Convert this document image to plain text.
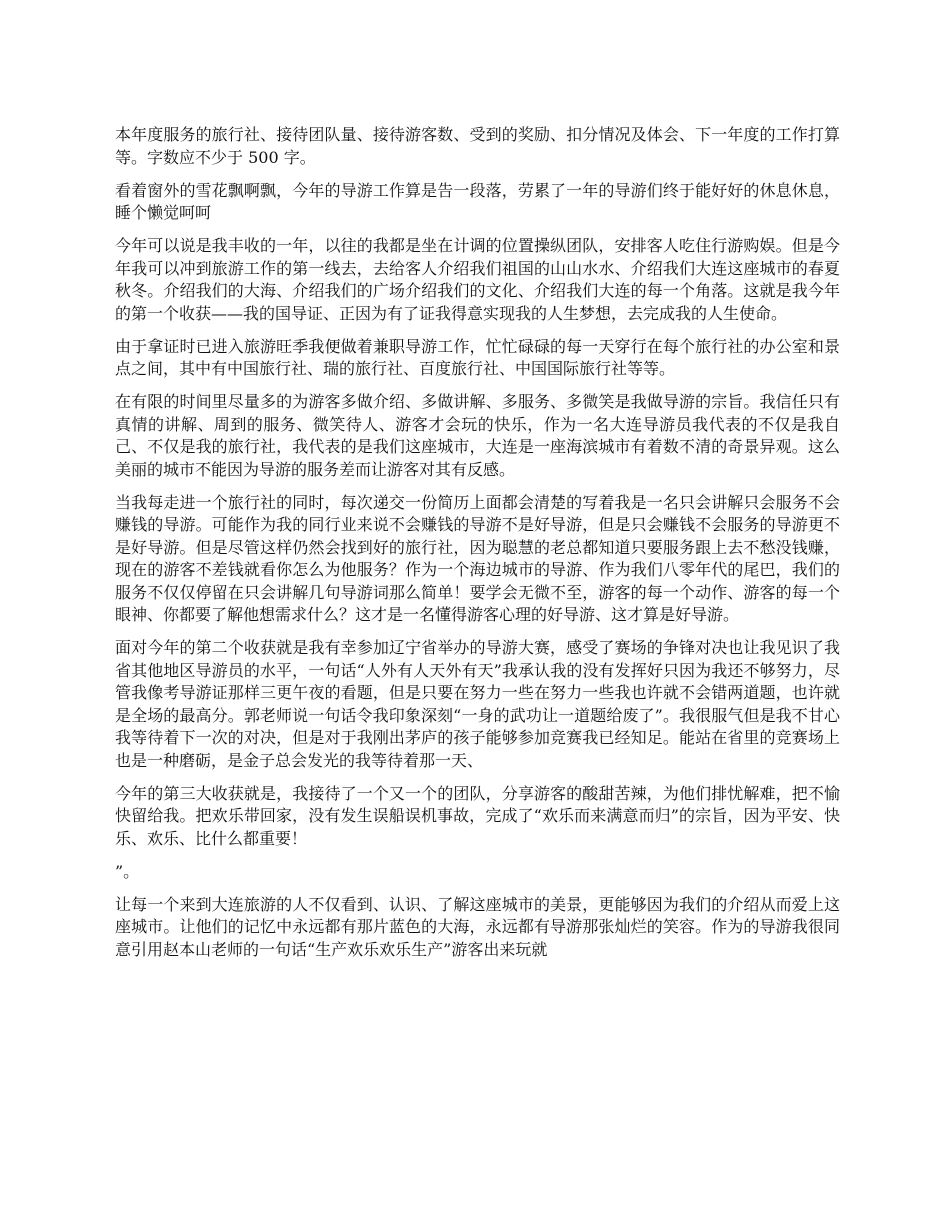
本年度服务的旅行社、接待团队量、接待游客数、受到的奖励、扣分情况及体会、下一年度的工作打算等。字数应不少于 500 字。

看着窗外的雪花飘啊飘，今年的导游工作算是告一段落，劳累了一年的导游们终于能好好的休息休息，睡个懒觉呵呵

今年可以说是我丰收的一年，以往的我都是坐在计调的位置操纵团队，安排客人吃住行游购娱。但是今年我可以冲到旅游工作的第一线去，去给客人介绍我们祖国的山山水水、介绍我们大连这座城市的春夏秋冬。介绍我们的大海、介绍我们的广场介绍我们的文化、介绍我们大连的每一个角落。这就是我今年的第一个收获——我的国导证、正因为有了证我得意实现我的人生梦想，去完成我的人生使命。

由于拿证时已进入旅游旺季我便做着兼职导游工作，忙忙碌碌的每一天穿行在每个旅行社的办公室和景点之间，其中有中国旅行社、瑞的旅行社、百度旅行社、中国国际旅行社等等。

在有限的时间里尽量多的为游客多做介绍、多做讲解、多服务、多微笑是我做导游的宗旨。我信任只有真情的讲解、周到的服务、微笑待人、游客才会玩的快乐，作为一名大连导游员我代表的不仅是我自己、不仅是我的旅行社，我代表的是我们这座城市，大连是一座海滨城市有着数不清的奇景异观。这么美丽的城市不能因为导游的服务差而让游客对其有反感。

当我每走进一个旅行社的同时，每次递交一份简历上面都会清楚的写着我是一名只会讲解只会服务不会赚钱的导游。可能作为我的同行业来说不会赚钱的导游不是好导游，但是只会赚钱不会服务的导游更不是好导游。但是尽管这样仍然会找到好的旅行社，因为聪慧的老总都知道只要服务跟上去不愁没钱赚，现在的游客不差钱就看你怎么为他服务？作为一个海边城市的导游、作为我们八零年代的尾巴，我们的服务不仅仅停留在只会讲解几句导游词那么简单！要学会无微不至，游客的每一个动作、游客的每一个眼神、你都要了解他想需求什么？这才是一名懂得游客心理的好导游、这才算是好导游。

面对今年的第二个收获就是我有幸参加辽宁省举办的导游大赛，感受了赛场的争锋对决也让我见识了我省其他地区导游员的水平，一句话“人外有人天外有天”我承认我的没有发挥好只因为我还不够努力，尽管我像考导游证那样三更午夜的看题，但是只要在努力一些在努力一些我也许就不会错两道题，也许就是全场的最高分。郭老师说一句话令我印象深刻“一身的武功让一道题给废了”。我很服气但是我不甘心我等待着下一次的对决，但是对于我刚出茅庐的孩子能够参加竞赛我已经知足。能站在省里的竞赛场上也是一种磨砺，是金子总会发光的我等待着那一天、

今年的第三大收获就是，我接待了一个又一个的团队，分享游客的酸甜苦辣，为他们排忧解难，把不愉快留给我。把欢乐带回家，没有发生误船误机事故，完成了“欢乐而来满意而归”的宗旨，因为平安、快乐、欢乐、比什么都重要！

”。

让每一个来到大连旅游的人不仅看到、认识、了解这座城市的美景，更能够因为我们的介绍从而爱上这座城市。让他们的记忆中永远都有那片蓝色的大海，永远都有导游那张灿烂的笑容。作为的导游我很同意引用赵本山老师的一句话“生产欢乐欢乐生产”游客出来玩就
